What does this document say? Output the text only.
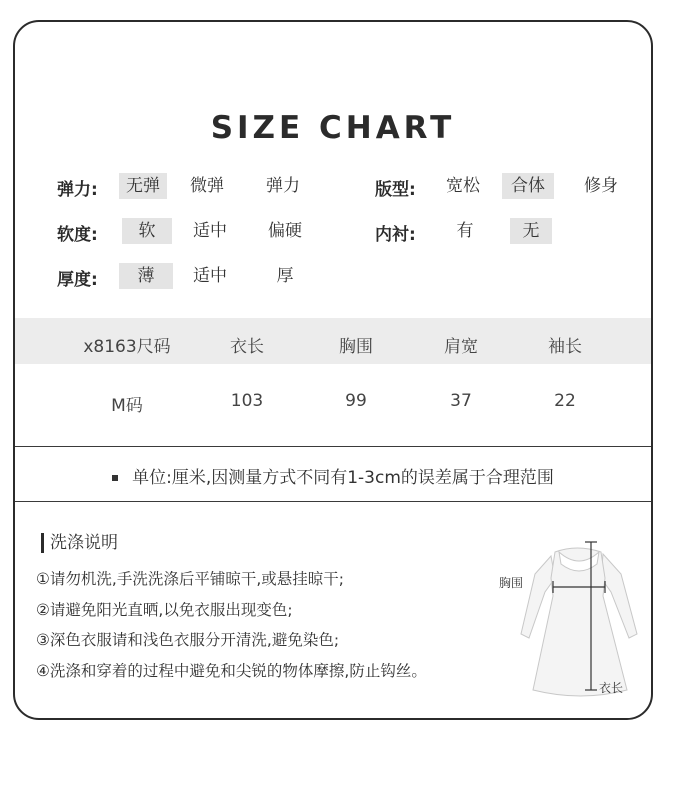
SIZE CHART
弹力:	无弹	微弹	弹力	版型:	宽松	合体	修身
软度:	软	适中	偏硬	内衬:	有	无
厚度:	薄	适中	厚
x8163尺码	衣长	胸围	肩宽	袖长
M码	103	99	37	22
单位:厘米,因测量方式不同有1-3cm的误差属于合理范围
洗涤说明
①请勿机洗,手洗洗涤后平铺晾干,或悬挂晾干;
②请避免阳光直晒,以免衣服出现变色;
③深色衣服请和浅色衣服分开清洗,避免染色;
④洗涤和穿着的过程中避免和尖锐的物体摩擦,防止钩丝。
胸围
衣长
